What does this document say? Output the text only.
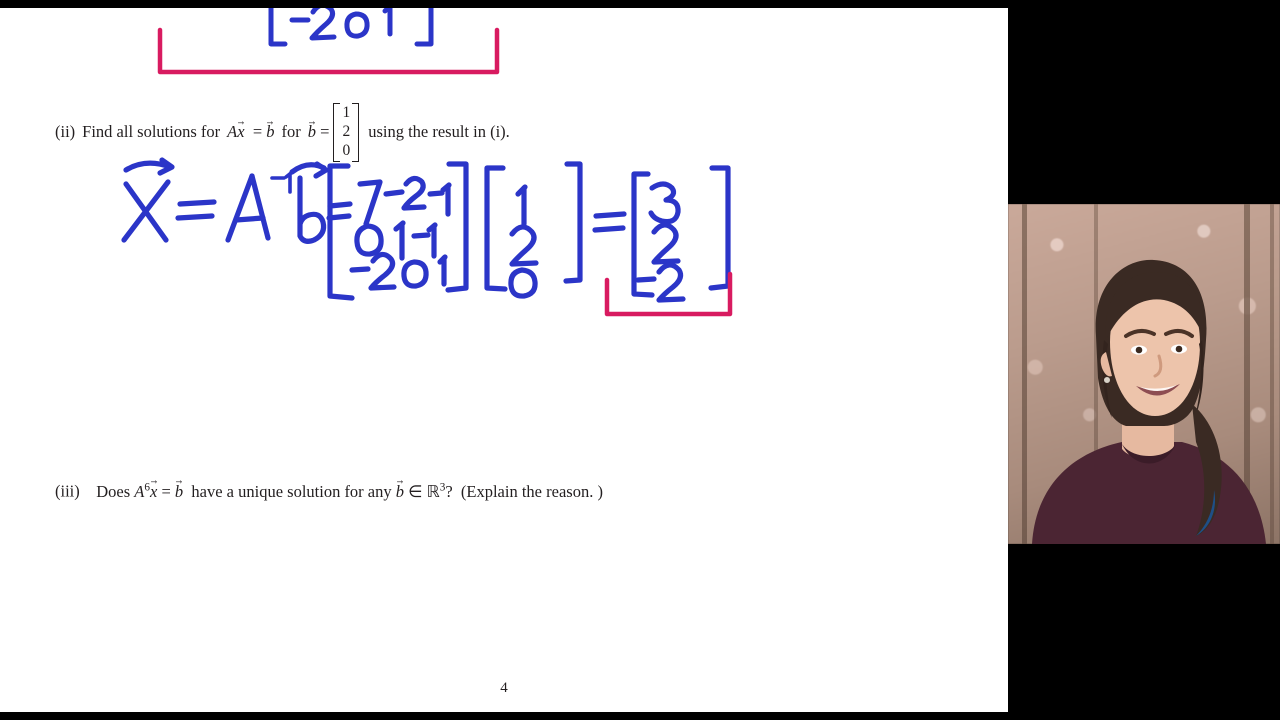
(ii) Find all solutions for Ax →  = b → for b → =
1
2
0
using the result in (i).
(iii) Does $A^6x$ → = b →  have a unique solution for any b → ∈ ℝ$^3$?  (Explain the reason. )
4
